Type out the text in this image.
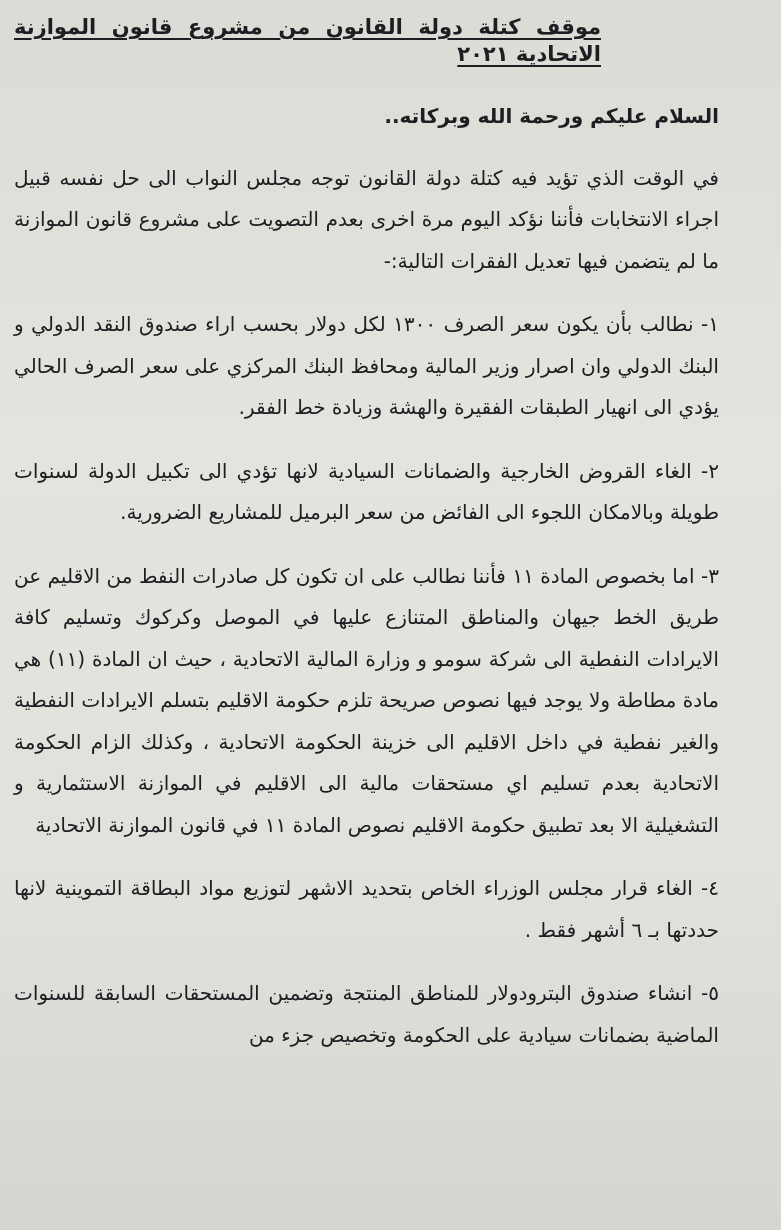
موقف كتلة دولة القانون من مشروع قانون الموازنة الاتحادية ٢٠٢١

السلام عليكم ورحمة الله وبركاته..

في الوقت الذي تؤيد فيه كتلة دولة القانون توجه مجلس النواب الى حل نفسه قبيل اجراء الانتخابات فأننا نؤكد اليوم مرة اخرى بعدم التصويت على مشروع قانون الموازنة ما لم يتضمن فيها تعديل الفقرات التالية:-

١- نطالب بأن يكون سعر الصرف ١٣٠٠ لكل دولار بحسب اراء صندوق النقد الدولي و البنك الدولي وان اصرار وزير المالية ومحافظ البنك المركزي على سعر الصرف الحالي يؤدي الى انهيار الطبقات الفقيرة والهشة وزيادة خط الفقر.

٢- الغاء القروض الخارجية والضمانات السيادية لانها تؤدي الى تكبيل الدولة لسنوات طويلة وبالامكان اللجوء الى الفائض من سعر البرميل للمشاريع الضرورية.

٣- اما بخصوص المادة ١١ فأننا نطالب على ان تكون كل صادرات النفط من الاقليم عن طريق الخط جيهان والمناطق المتنازع عليها في الموصل وكركوك وتسليم كافة الايرادات النفطية الى شركة سومو و وزارة المالية الاتحادية ، حيث ان المادة (١١) هي مادة مطاطة ولا يوجد فيها نصوص صريحة تلزم حكومة الاقليم بتسلم الايرادات النفطية والغير نفطية في داخل الاقليم الى خزينة الحكومة الاتحادية ، وكذلك الزام الحكومة الاتحادية بعدم تسليم اي مستحقات مالية الى الاقليم في الموازنة الاستثمارية و التشغيلية الا بعد تطبيق حكومة الاقليم نصوص المادة ١١ في قانون الموازنة الاتحادية

٤- الغاء قرار مجلس الوزراء الخاص بتحديد الاشهر لتوزيع مواد البطاقة التموينية لانها حددتها بـ ٦ أشهر فقط .

٥- انشاء صندوق البترودولار للمناطق المنتجة وتضمين المستحقات السابقة للسنوات الماضية بضمانات سيادية على الحكومة وتخصيص جزء من
